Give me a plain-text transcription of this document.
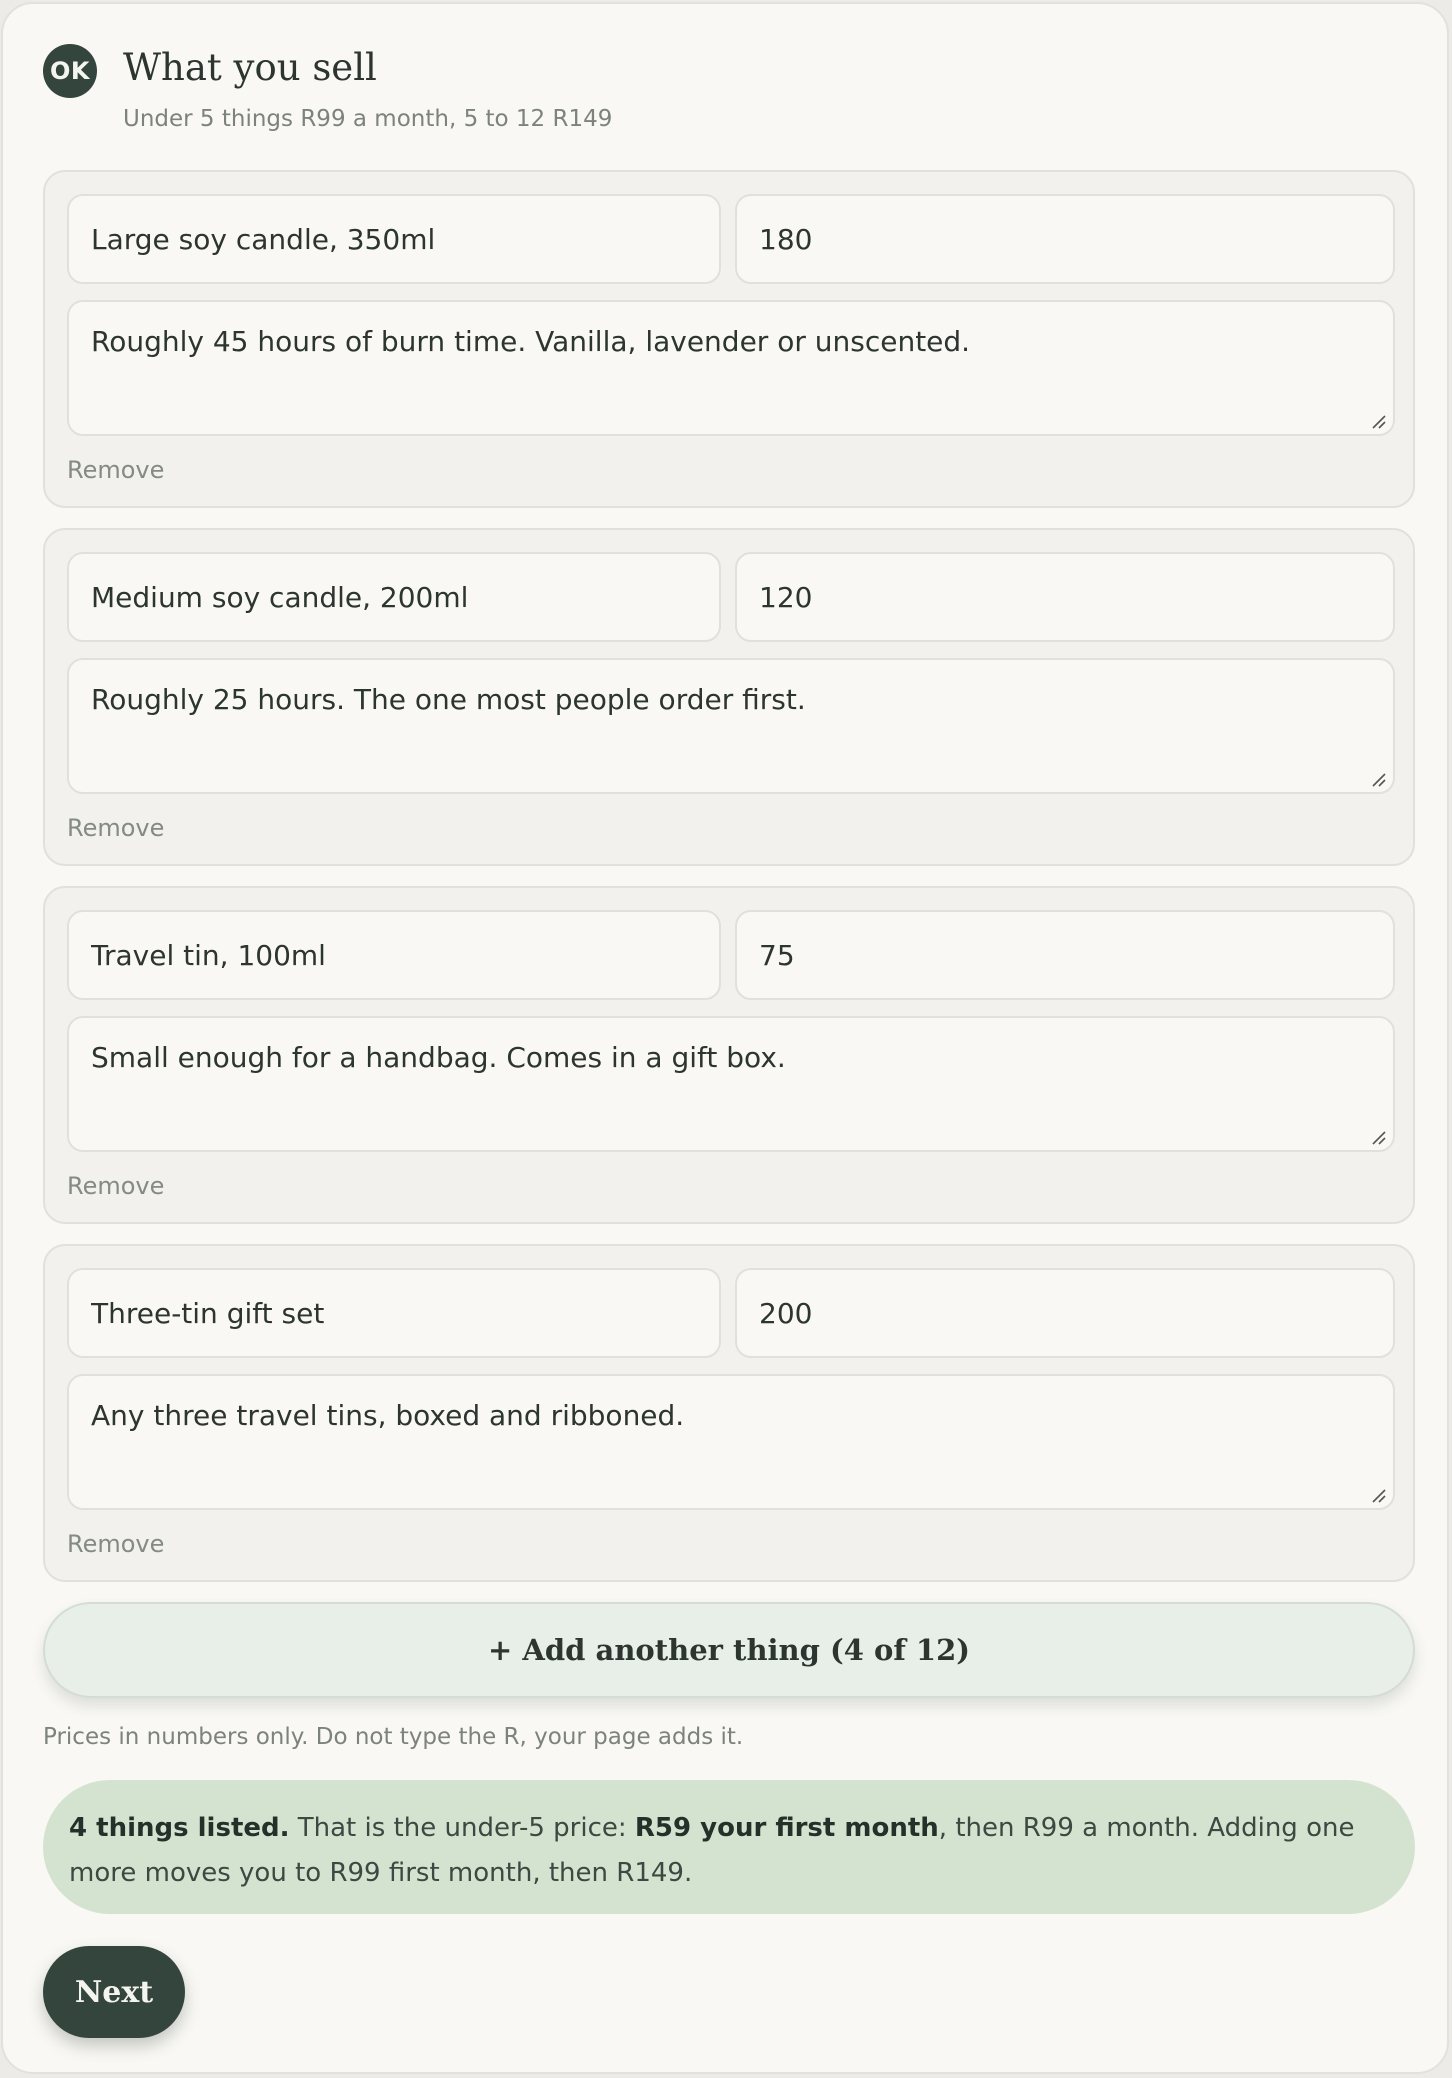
OK What you sell
Under 5 things R99 a month, 5 to 12 R149
Large soy candle, 350ml
180
Roughly 45 hours of burn time. Vanilla, lavender or unscented.
Remove
Medium soy candle, 200ml
120
Roughly 25 hours. The one most people order first.
Remove
Travel tin, 100ml
75
Small enough for a handbag. Comes in a gift box.
Remove
Three-tin gift set
200
Any three travel tins, boxed and ribboned.
Remove
+ Add another thing (4 of 12)
Prices in numbers only. Do not type the R, your page adds it.
4 things listed. That is the under-5 price: R59 your first month, then R99 a month. Adding one more moves you to R99 first month, then R149.
Next
